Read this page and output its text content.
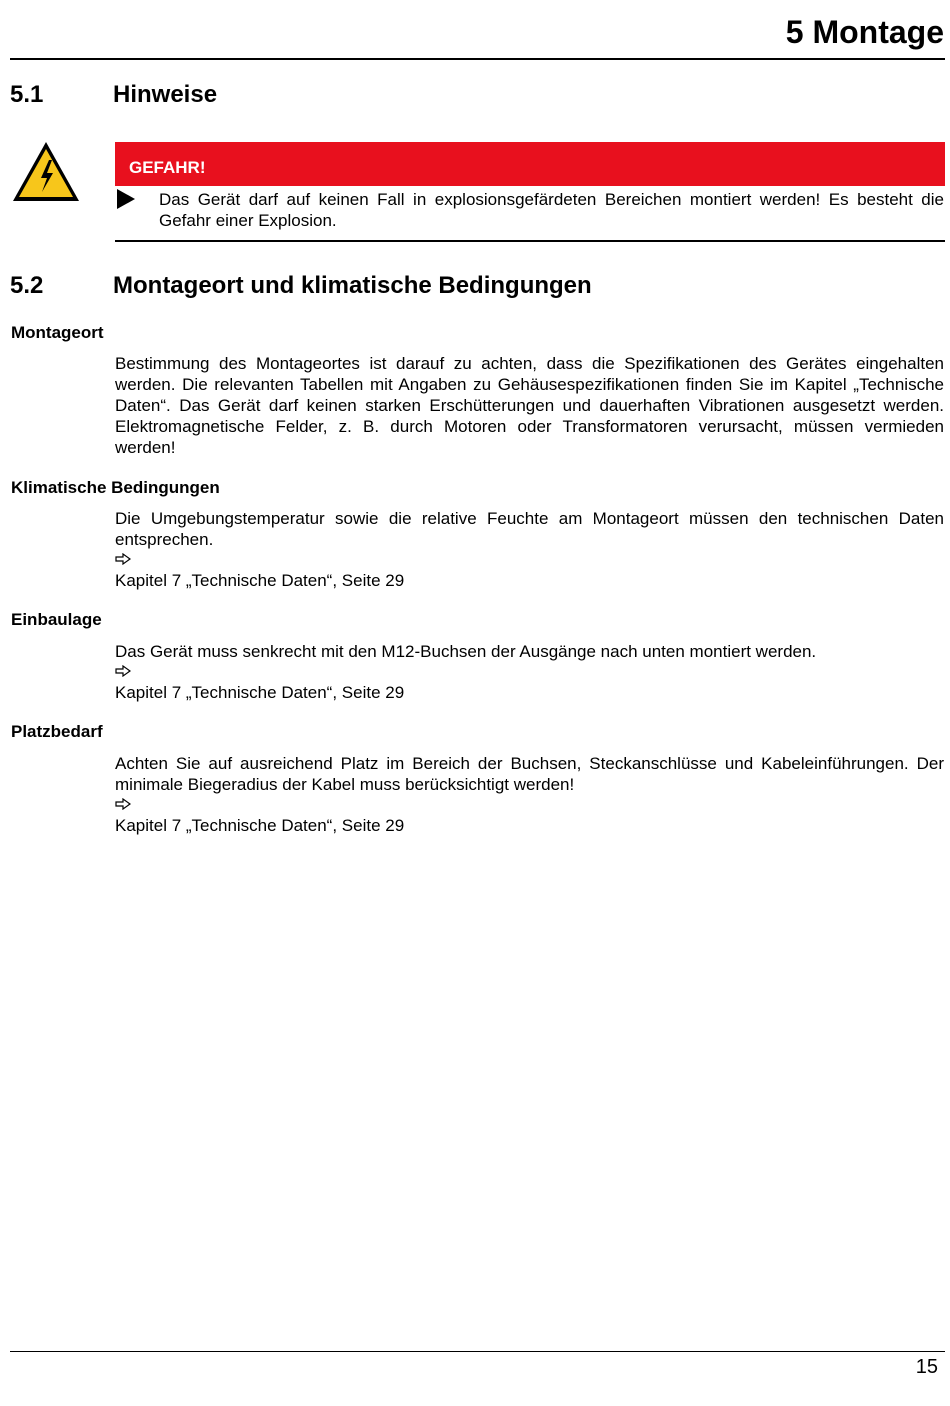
5 Montage
5.1	Hinweise
GEFAHR!
Das Gerät darf auf keinen Fall in explosionsgefärdeten Bereichen montiert werden! Es besteht die Gefahr einer Explosion.
5.2	Montageort und klimatische Bedingungen
Montageort
Bestimmung des Montageortes ist darauf zu achten, dass die Spezifikationen des Gerätes eingehalten werden. Die relevanten Tabellen mit Angaben zu Gehäusespezifikationen finden Sie im Kapitel „Technische Daten“. Das Gerät darf keinen starken Erschütterungen und dauerhaften Vibrationen ausgesetzt werden. Elektromagnetische Felder, z. B. durch Motoren oder Transformatoren verursacht, müssen vermieden werden!
Klimatische Bedingungen
Die Umgebungstemperatur sowie die relative Feuchte am Montageort müssen den technischen Daten entsprechen.
Kapitel 7 „Technische Daten“, Seite 29
Einbaulage
Das Gerät muss senkrecht mit den M12-Buchsen der Ausgänge nach unten montiert werden.
Kapitel 7 „Technische Daten“, Seite 29
Platzbedarf
Achten Sie auf ausreichend Platz im Bereich der Buchsen, Steckanschlüsse und Kabeleinführungen. Der minimale Biegeradius der Kabel muss berücksichtigt werden!
Kapitel 7 „Technische Daten“, Seite 29
15
